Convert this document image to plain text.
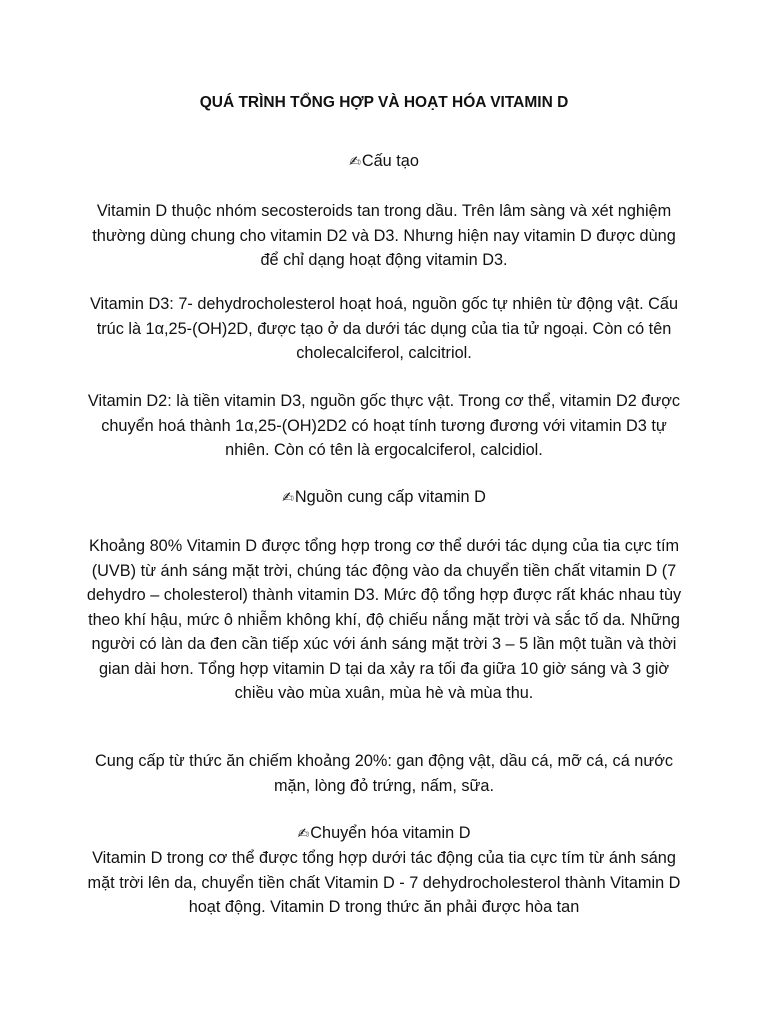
QUÁ TRÌNH TỔNG HỢP VÀ HOẠT HÓA VITAMIN D

✍Cấu tạo

Vitamin D thuộc nhóm secosteroids tan trong dầu. Trên lâm sàng và xét nghiệm thường dùng chung cho vitamin D2 và D3. Nhưng hiện nay vitamin D được dùng để chỉ dạng hoạt động vitamin D3.

Vitamin D3: 7- dehydrocholesterol hoạt hoá, nguồn gốc tự nhiên từ động vật. Cấu trúc là 1α,25-(OH)2D, được tạo ở da dưới tác dụng của tia tử ngoại. Còn có tên cholecalciferol, calcitriol.

Vitamin D2: là tiền vitamin D3, nguồn gốc thực vật. Trong cơ thể, vitamin D2 được chuyển hoá thành 1α,25-(OH)2D2 có hoạt tính tương đương với vitamin D3 tự nhiên. Còn có tên là ergocalciferol, calcidiol.

✍Nguồn cung cấp vitamin D

Khoảng 80% Vitamin D được tổng hợp trong cơ thể dưới tác dụng của tia cực tím (UVB) từ ánh sáng mặt trời, chúng tác động vào da chuyển tiền chất vitamin D (7 dehydro – cholesterol) thành vitamin D3. Mức độ tổng hợp được rất khác nhau tùy theo khí hậu, mức ô nhiễm không khí, độ chiếu nắng mặt trời và sắc tố da. Những người có làn da đen cần tiếp xúc với ánh sáng mặt trời 3 – 5 lần một tuần và thời gian dài hơn. Tổng hợp vitamin D tại da xảy ra tối đa giữa 10 giờ sáng và 3 giờ chiều vào mùa xuân, mùa hè và mùa thu.

Cung cấp từ thức ăn chiếm khoảng 20%: gan động vật, dầu cá, mỡ cá, cá nước mặn, lòng đỏ trứng, nấm, sữa.

✍Chuyển hóa vitamin D

Vitamin D trong cơ thể được tổng hợp dưới tác động của tia cực tím từ ánh sáng mặt trời lên da, chuyển tiền chất Vitamin D - 7 dehydrocholesterol thành Vitamin D hoạt động. Vitamin D trong thức ăn phải được hòa tan
